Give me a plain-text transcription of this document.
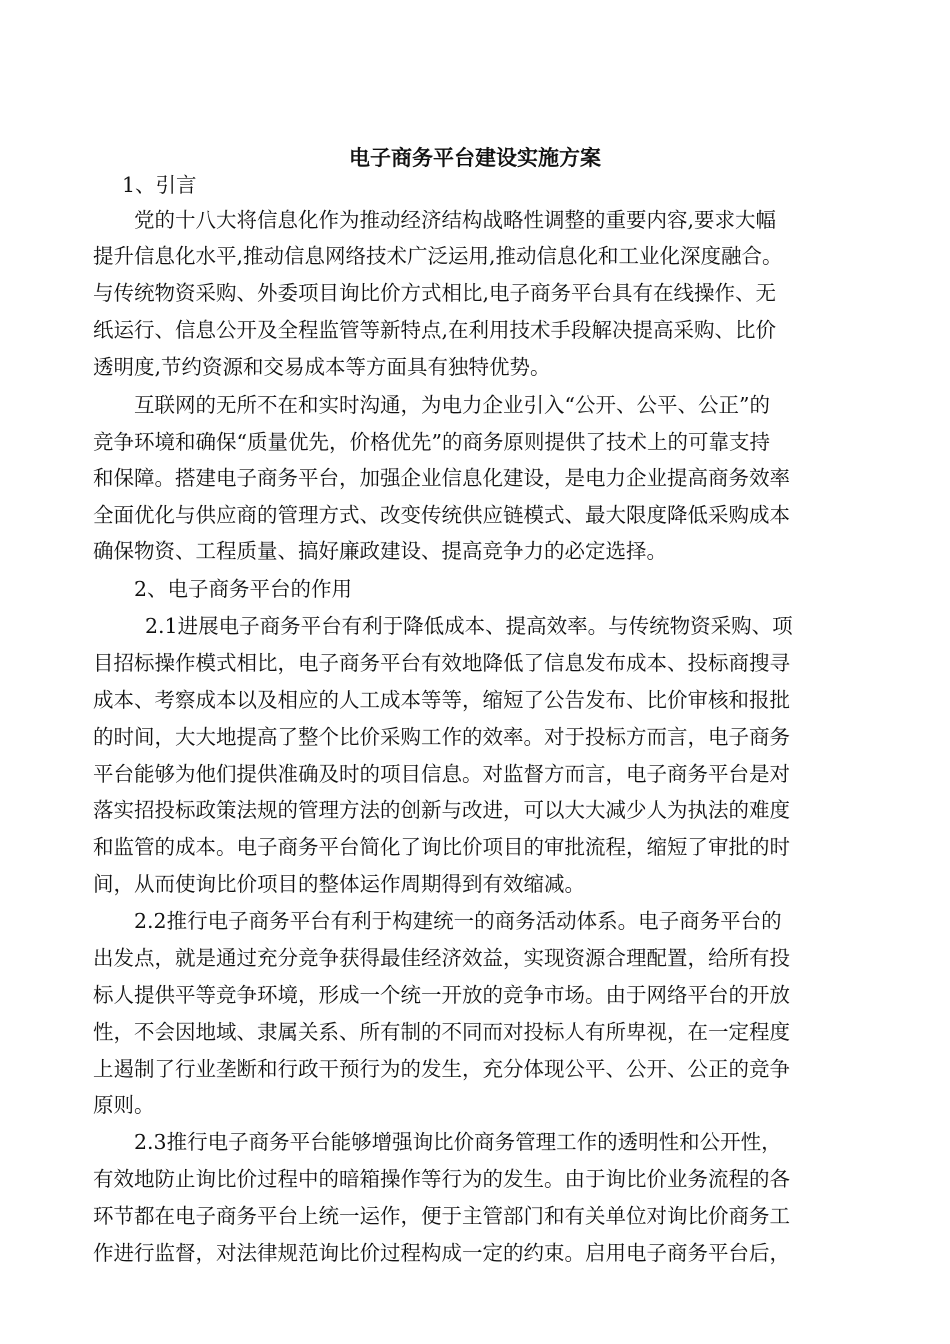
电子商务平台建设实施方案
1、引言
党的十八大将信息化作为推动经济结构战略性调整的重要内容,要求大幅
提升信息化水平,推动信息网络技术广泛运用,推动信息化和工业化深度融合。
与传统物资采购、外委项目询比价方式相比,电子商务平台具有在线操作、无
纸运行、信息公开及全程监管等新特点,在利用技术手段解决提高采购、比价
透明度,节约资源和交易成本等方面具有独特优势。
互联网的无所不在和实时沟通，为电力企业引入“公开、公平、公正”的
竞争环境和确保“质量优先，价格优先”的商务原则提供了技术上的可靠支持
和保障。搭建电子商务平台，加强企业信息化建设，是电力企业提高商务效率
全面优化与供应商的管理方式、改变传统供应链模式、最大限度降低采购成本
确保物资、工程质量、搞好廉政建设、提高竞争力的必定选择。
2、电子商务平台的作用
2.1进展电子商务平台有利于降低成本、提高效率。与传统物资采购、项
目招标操作模式相比，电子商务平台有效地降低了信息发布成本、投标商搜寻
成本、考察成本以及相应的人工成本等等，缩短了公告发布、比价审核和报批
的时间，大大地提高了整个比价采购工作的效率。对于投标方而言，电子商务
平台能够为他们提供准确及时的项目信息。对监督方而言，电子商务平台是对
落实招投标政策法规的管理方法的创新与改进，可以大大减少人为执法的难度
和监管的成本。电子商务平台简化了询比价项目的审批流程，缩短了审批的时
间，从而使询比价项目的整体运作周期得到有效缩减。
2.2推行电子商务平台有利于构建统一的商务活动体系。电子商务平台的
出发点，就是通过充分竞争获得最佳经济效益，实现资源合理配置，给所有投
标人提供平等竞争环境，形成一个统一开放的竞争市场。由于网络平台的开放
性，不会因地域、隶属关系、所有制的不同而对投标人有所卑视，在一定程度
上遏制了行业垄断和行政干预行为的发生，充分体现公平、公开、公正的竞争
原则。
2.3推行电子商务平台能够增强询比价商务管理工作的透明性和公开性，
有效地防止询比价过程中的暗箱操作等行为的发生。由于询比价业务流程的各
环节都在电子商务平台上统一运作，便于主管部门和有关单位对询比价商务工
作进行监督，对法律规范询比价过程构成一定的约束。启用电子商务平台后，
